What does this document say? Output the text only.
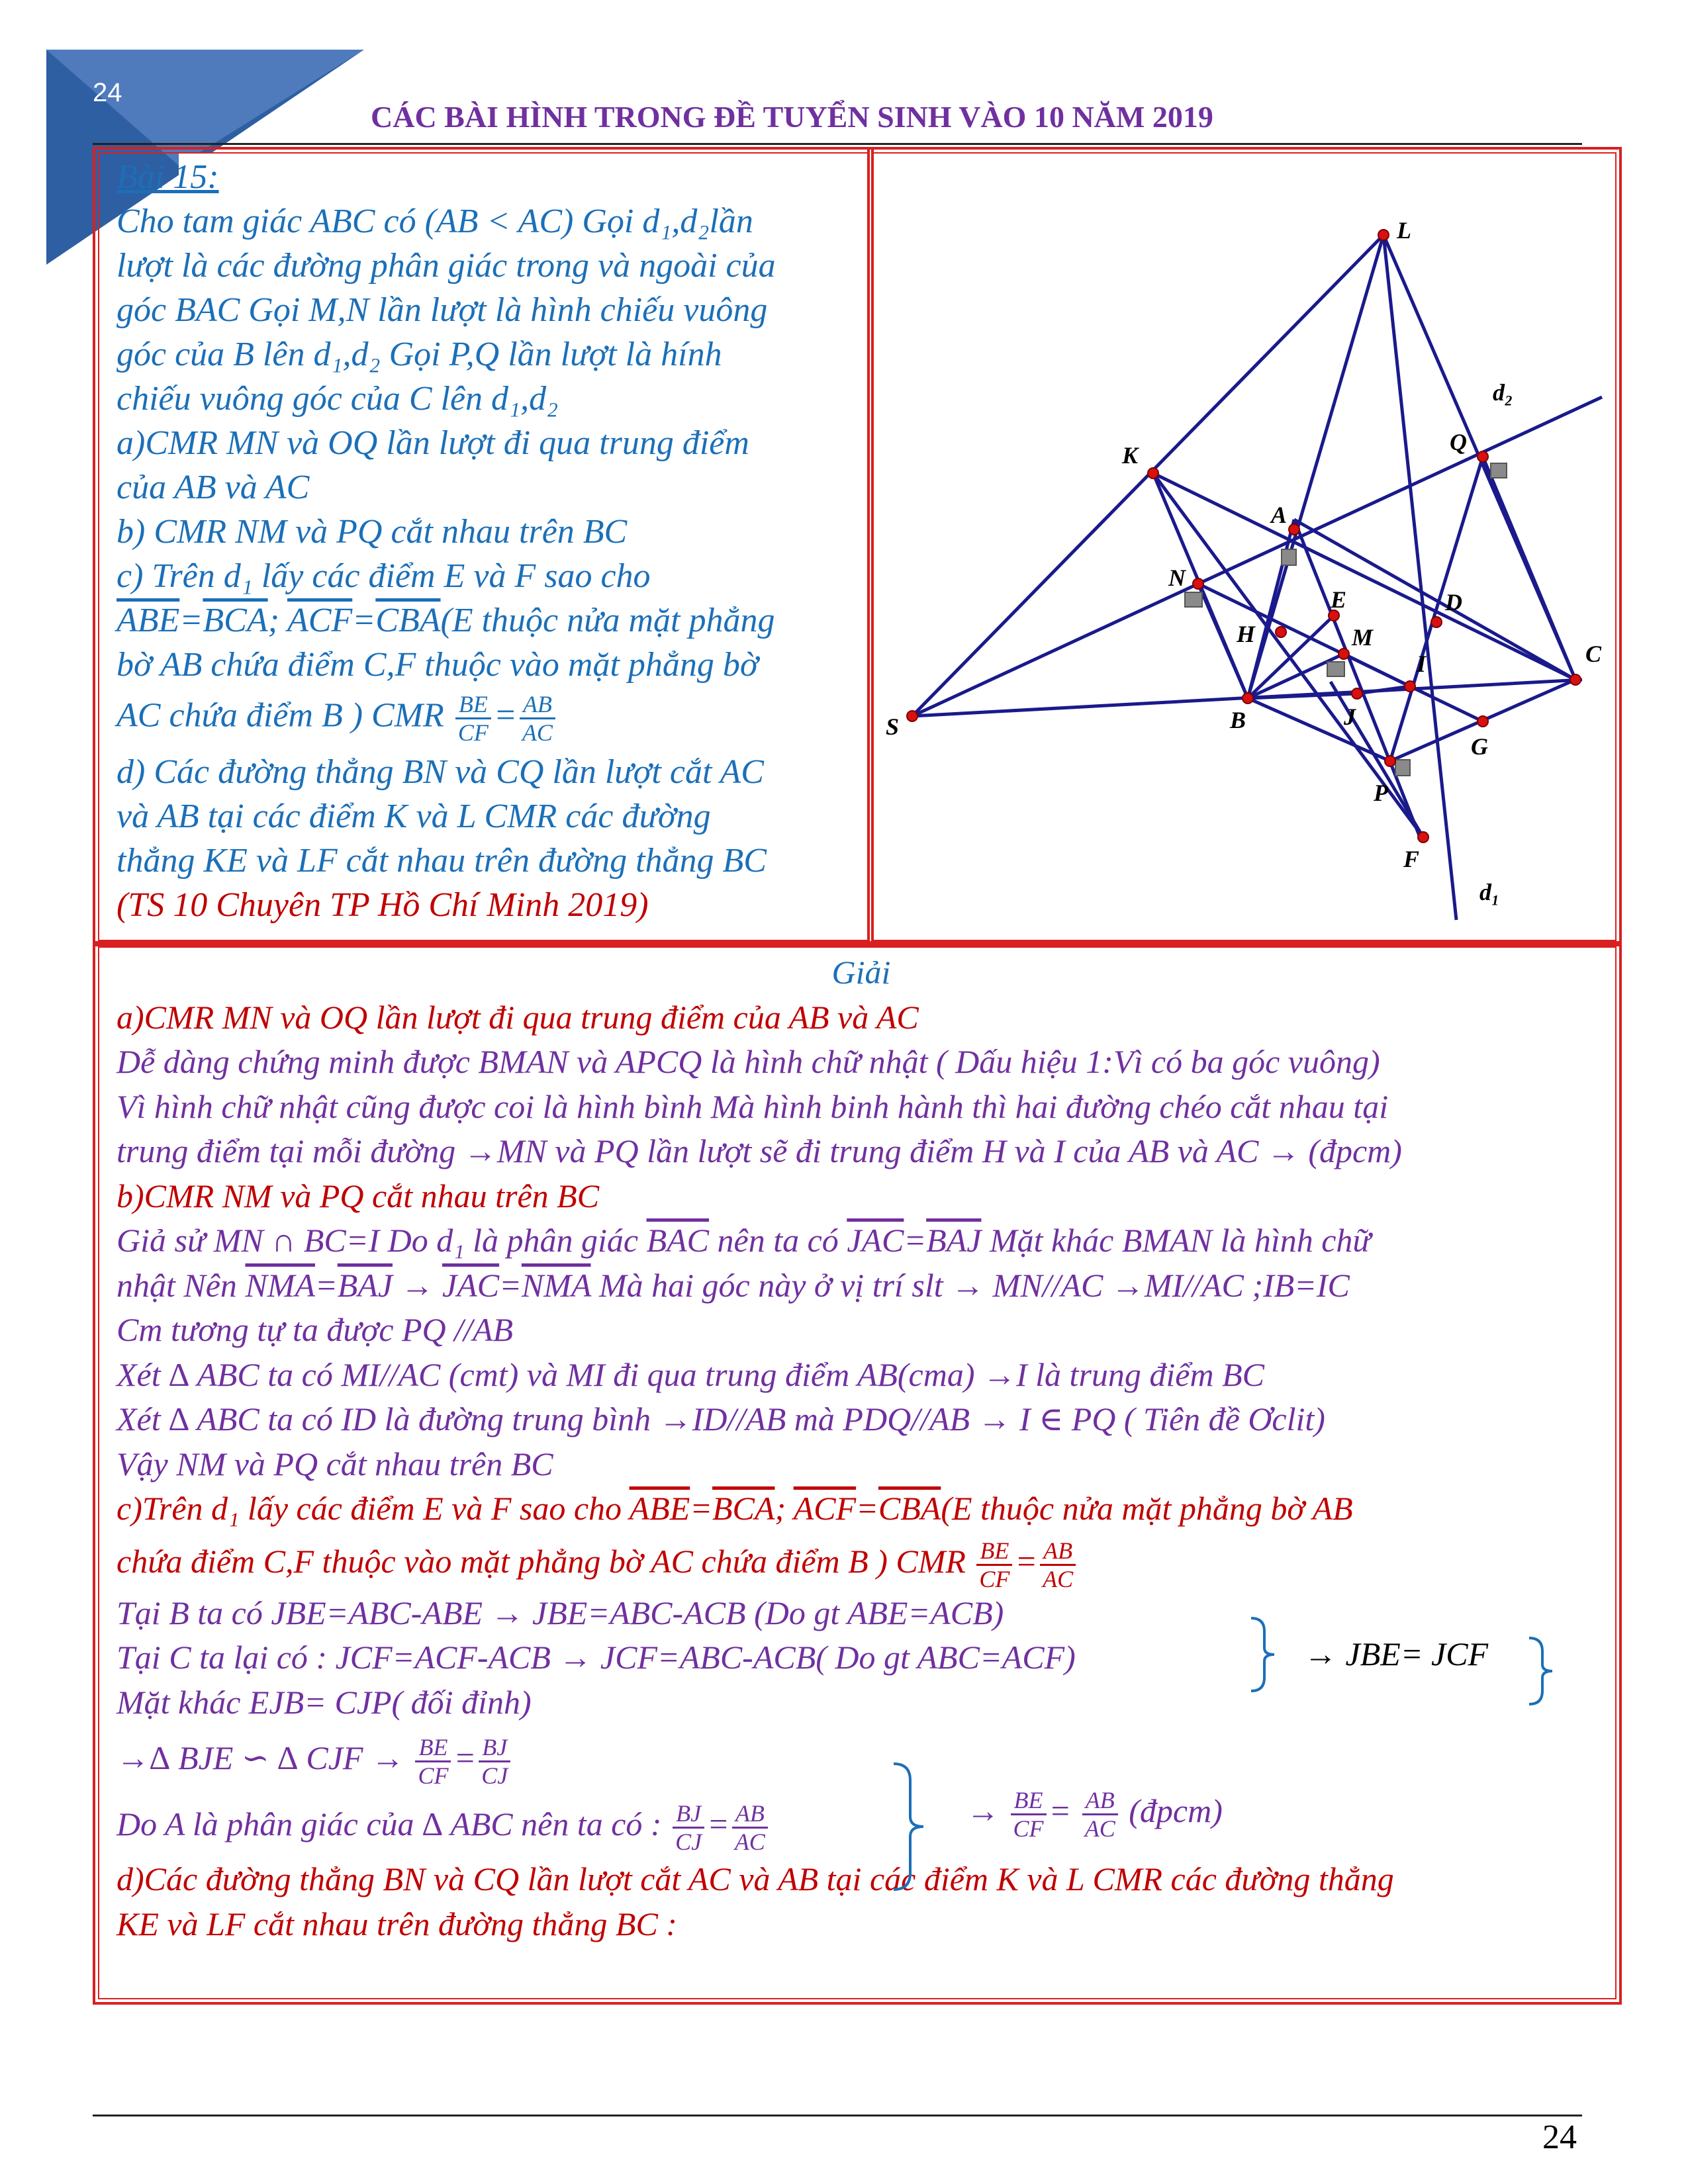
24
CÁC BÀI HÌNH TRONG ĐỀ TUYỂN SINH VÀO 10 NĂM 2019
Bài 15:
Cho tam giác ABC có (AB < AC) Gọi d₁,d₂lần
lượt là các đường phân giác trong và ngoài của
góc BAC Gọi M,N lần lượt là hình chiếu vuông
góc của B lên d₁,d₂ Gọi P,Q lần lượt là hính
chiếu vuông góc của C lên d₁,d₂
a)CMR MN và OQ lần lượt đi qua trung điểm
của AB và AC
b) CMR NM và PQ cắt nhau trên BC
c) Trên d₁ lấy các điểm E và F sao cho
$\overline{ABE}=\overline{BCA}$; $\overline{ACF}=\overline{CBA}(E$ thuộc nửa mặt phẳng
bờ AB chứa điểm C,F thuộc vào mặt phẳng bờ
AC chứa điểm B ) CMR $\frac{BE}{CF} = \frac{AB}{AC}$
d) Các đường thẳng BN và CQ lần lượt cắt AC
và AB tại các điểm K và L CMR các đường
thẳng KE và LF cắt nhau trên đường thẳng BC
(TS 10 Chuyên TP Hồ Chí Minh 2019)
L
K	Q
A
N
E	D
H	M
I	C
S	B	J
G
P
F
d₁
d₂
Giải
a)CMR MN và OQ lần lượt đi qua trung điểm của AB và AC
Dễ dàng chứng minh được BMAN và APCQ là hình chữ nhật ( Dấu hiệu 1:Vì có ba góc vuông)
Vì hình chữ nhật cũng được coi là hình bình Mà hình binh hành thì hai đường chéo cắt nhau tại
trung điểm tại mỗi đường →MN và PQ lần lượt sẽ đi trung điểm H và I của AB và AC → (đpcm)
b)CMR NM và PQ cắt nhau trên BC
Giả sử MN ∩ BC=I Do d₁ là phân giác $\overline{BAC}$ nên ta có $\overline{JAC}=\overline{BAJ}$ Mặt khác BMAN là hình chữ
nhật Nên $\overline{NMA}=\overline{BAJ} \to \overline{JAC}=\overline{NMA}$ Mà hai góc này ở vị trí slt → MN//AC →MI//AC ;IB=IC
Cm tương tự ta được PQ //AB
Xét ∆ ABC ta có MI//AC (cmt) và MI đi qua trung điểm AB(cma) →I là trung điểm BC
Xét ∆ ABC ta có ID là đường trung bình →ID//AB mà PDQ//AB → I ∈ PQ ( Tiên đề Ơclit)
Vậy NM và PQ cắt nhau trên BC
c)Trên d₁ lấy các điểm E và F sao cho $\overline{ABE}=\overline{BCA}$; $\overline{ACF}=\overline{CBA}(E$ thuộc nửa mặt phẳng bờ AB
chứa điểm C,F thuộc vào mặt phẳng bờ AC chứa điểm B ) CMR $\frac{BE}{CF} = \frac{AB}{AC}$
Tại B ta có JBE=ABC-ABE → JBE=ABC-ACB (Do gt ABE=ACB)
Tại C ta lại có : JCF=ACF-ACB → JCF=ABC-ACB( Do gt ABC=ACF)
Mặt khác EJB= CJP( đối đỉnh)
→∆ BJE ∽ ∆ CJF → $\frac{BE}{CF} = \frac{BJ}{CJ}$
Do A là phân giác của ∆ ABC nên ta có : $\frac{BJ}{CJ} = \frac{AB}{AC}$
d)Các đường thẳng BN và CQ lần lượt cắt AC và AB tại các điểm K và L CMR các đường thẳng
KE và LF cắt nhau trên đường thẳng BC :
→ JBE= JCF
→ $\frac{BE}{CF} = \frac{AB}{AC}$ (đpcm)
24
